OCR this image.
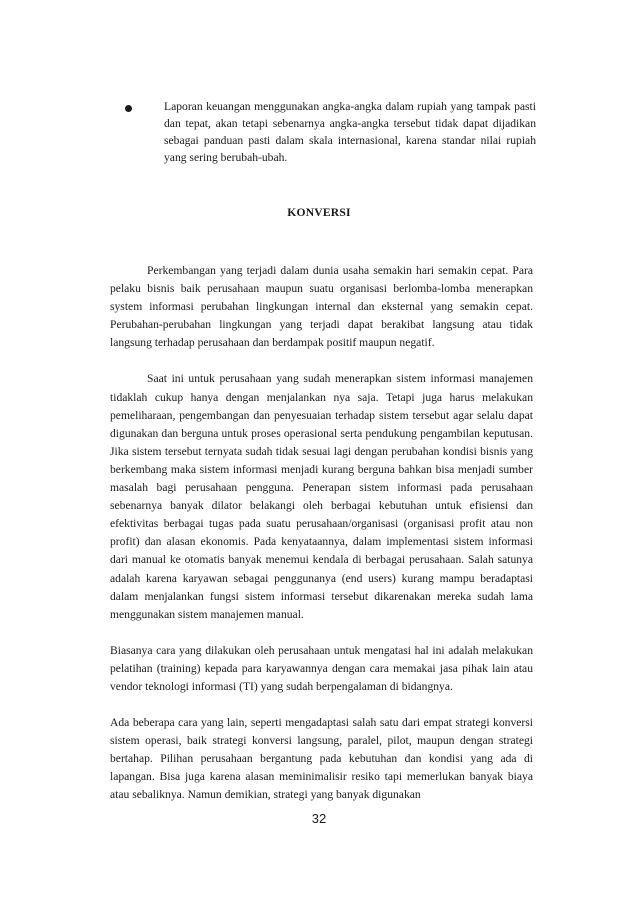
Laporan keuangan menggunakan angka-angka dalam rupiah yang tampak pasti dan tepat, akan tetapi sebenarnya angka-angka tersebut tidak dapat dijadikan sebagai panduan pasti dalam skala internasional, karena standar nilai rupiah yang sering berubah-ubah.
KONVERSI

Perkembangan yang terjadi dalam dunia usaha semakin hari semakin cepat. Para pelaku bisnis baik perusahaan maupun suatu organisasi berlomba-lomba menerapkan system informasi perubahan lingkungan internal dan eksternal yang semakin cepat. Perubahan-perubahan lingkungan yang terjadi dapat berakibat langsung atau tidak langsung terhadap perusahaan dan berdampak positif maupun negatif.

Saat ini untuk perusahaan yang sudah menerapkan sistem informasi manajemen tidaklah cukup hanya dengan menjalankan nya saja. Tetapi juga harus melakukan pemeliharaan, pengembangan dan penyesuaian terhadap sistem tersebut agar selalu dapat digunakan dan berguna untuk proses operasional serta pendukung pengambilan keputusan. Jika sistem tersebut ternyata sudah tidak sesuai lagi dengan perubahan kondisi bisnis yang berkembang maka sistem informasi menjadi kurang berguna bahkan bisa menjadi sumber masalah bagi perusahaan pengguna. Penerapan sistem informasi pada perusahaan sebenarnya banyak dilator belakangi oleh berbagai kebutuhan untuk efisiensi dan efektivitas berbagai tugas pada suatu perusahaan/organisasi (organisasi profit atau non profit) dan alasan ekonomis. Pada kenyataannya, dalam implementasi sistem informasi dari manual ke otomatis banyak menemui kendala di berbagai perusahaan. Salah satunya adalah karena karyawan sebagai penggunanya (end users) kurang mampu beradaptasi dalam menjalankan fungsi sistem informasi tersebut dikarenakan mereka sudah lama menggunakan sistem manajemen manual.

Biasanya cara yang dilakukan oleh perusahaan untuk mengatasi hal ini adalah melakukan pelatihan (training) kepada para karyawannya dengan cara memakai jasa pihak lain atau vendor teknologi informasi (TI) yang sudah berpengalaman di bidangnya.

Ada beberapa cara yang lain, seperti mengadaptasi salah satu dari empat strategi konversi sistem operasi, baik strategi konversi langsung, paralel, pilot, maupun dengan strategi bertahap. Pilihan perusahaan bergantung pada kebutuhan dan kondisi yang ada di lapangan. Bisa juga karena alasan meminimalisir resiko tapi memerlukan banyak biaya atau sebaliknya. Namun demikian, strategi yang banyak digunakan

32
